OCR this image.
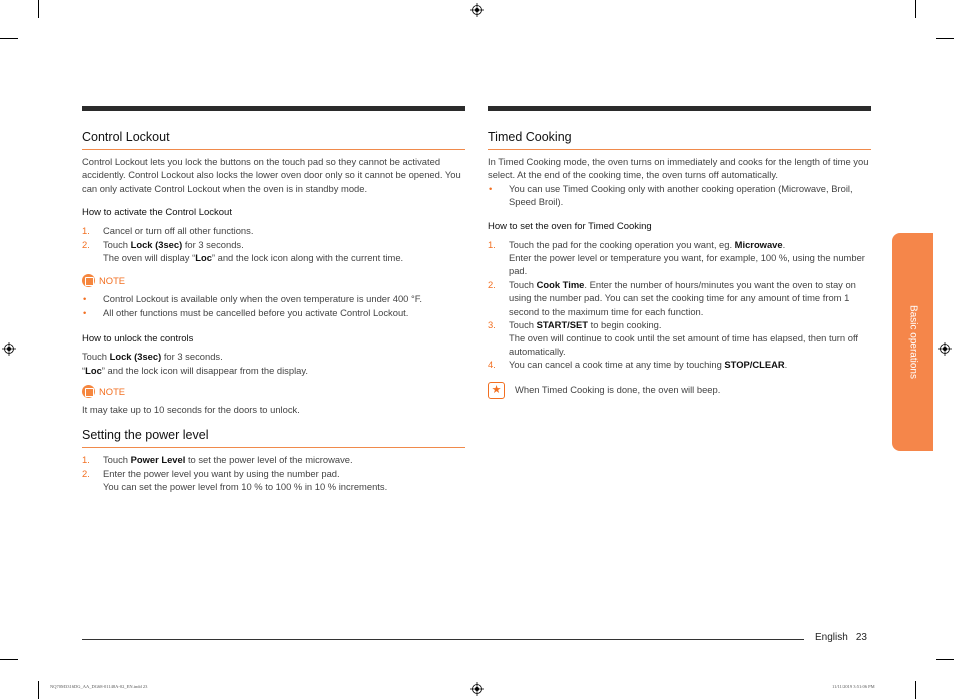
Control Lockout

Control Lockout lets you lock the buttons on the touch pad so they cannot be activated accidently. Control Lockout also locks the lower oven door only so it cannot be opened. You can only activate Control Lockout when the oven is in standby mode.

How to activate the Control Lockout
1. Cancel or turn off all other functions.
2. Touch Lock (3sec) for 3 seconds.
The oven will display “Loc” and the lock icon along with the current time.
NOTE
• Control Lockout is available only when the oven temperature is under 400 °F.
• All other functions must be cancelled before you activate Control Lockout.
How to unlock the controls

Touch Lock (3sec) for 3 seconds.

“Loc” and the lock icon will disappear from the display.

NOTE

It may take up to 10 seconds for the doors to unlock.

Setting the power level
1. Touch Power Level to set the power level of the microwave.
2. Enter the power level you want by using the number pad.
You can set the power level from 10 % to 100 % in 10 % increments.
Timed Cooking

In Timed Cooking mode, the oven turns on immediately and cooks for the length of time you select. At the end of the cooking time, the oven turns off automatically.

• You can use Timed Cooking only with another cooking operation (Microwave, Broil, Speed Broil).
How to set the oven for Timed Cooking
1. Touch the pad for the cooking operation you want, eg. Microwave.
Enter the power level or temperature you want, for example, 100 %, using the number pad.
2. Touch Cook Time. Enter the number of hours/minutes you want the oven to stay on using the number pad. You can set the cooking time for any amount of time from 1 second to the maximum time for each function.
3. Touch START/SET to begin cooking.
The oven will continue to cook until the set amount of time has elapsed, then turn off automatically.
4. You can cancel a cook time at any time by touching STOP/CLEAR.
★	When Timed Cooking is done, the oven will beep.
Basic operations
English 23
NQ70M3316DG_AA_DG68-01148A-02_EN.indd 23	11/11/2019 3:51:06 PM
